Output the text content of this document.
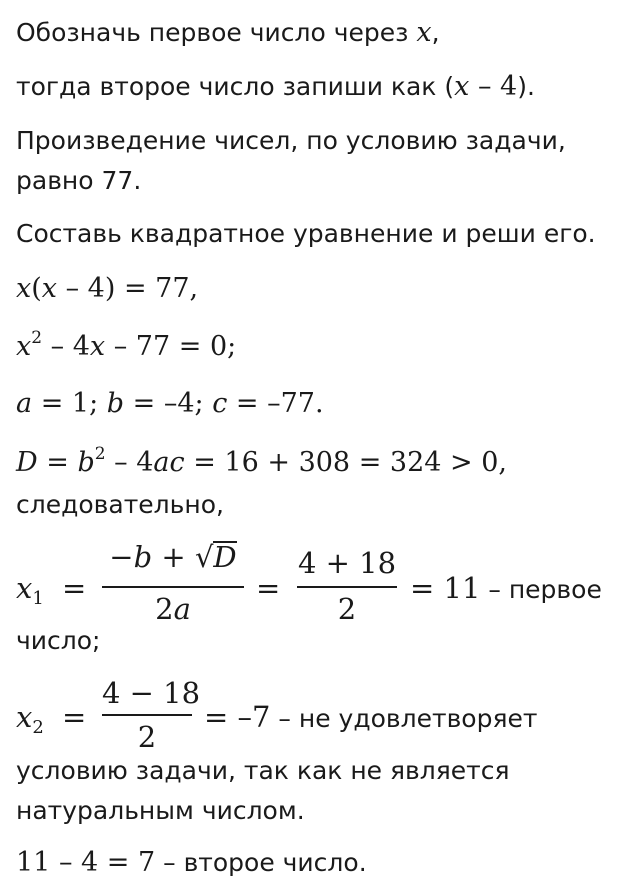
Обозначь первое число через x,
тогда второе число запиши как (x – 4).
Произведение чисел, по условию задачи,
равно 77.
Составь квадратное уравнение и реши его.
x(x – 4) = 77,
$x^2 - 4x - 77 = 0$;
a = 1; b = –4; c = –77.
$D = b^2 - 4ac = 16 + 308 = 324 > 0$,
следовательно,
$x_1$ =
−b + √D
2a
=
4 + 18
2
= 11 – первое
число;
$x_2$ =
4 − 18
2
= –7 – не удовлетворяет
условию задачи, так как не является
натуральным числом.
11 – 4 = 7 – второе число.
